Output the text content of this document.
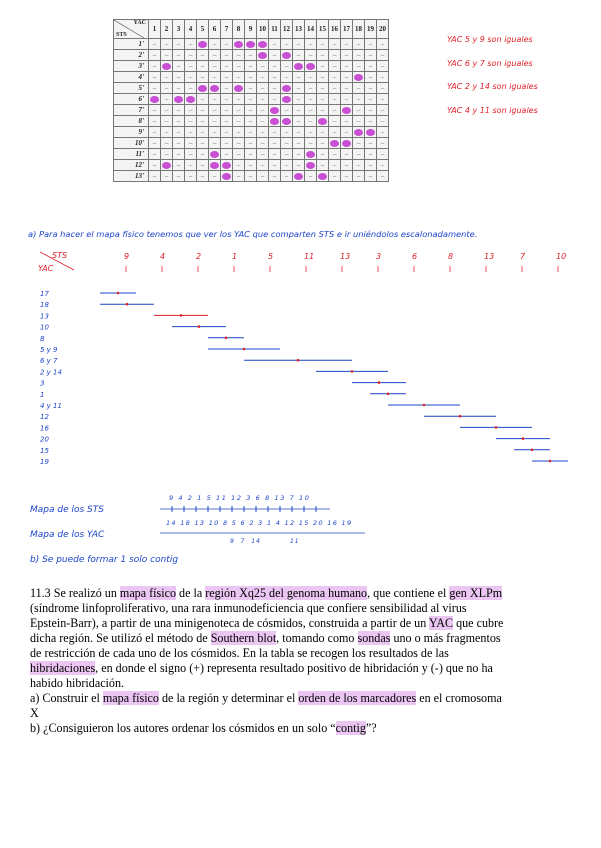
YAC
STS	1	2	3	4	5	6	7	8	9	10	11	12	13	14	15	16	17	18	19	20
1'	–	–	–	–		–	–				–	–	–	–	–	–	–	–	–	–
2'	–	–	–	–	–	–	–	–	–		–		–	–	–	–	–	–	–	–
3'	–		–	–	–	–	–	–	–	–	–	–			–	–	–	–	–	–
4'	–	–	–	–	–	–	–	–	–	–	–	–	–	–	–	–	–		–	–
5'	–	–	–	–			–		–	–	–		–	–	–	–	–	–	–	–
6'		–			–	–	–	–	–	–	–		–	–	–	–	–	–	–	–
7'	–	–	–	–	–	–	–	–	–	–		–	–	–	–	–		–	–	–
8'	–	–	–	–	–	–	–	–	–	–			–	–		–	–	–	–	–
9'	–	–	–	–	–	–	–	–	–	–	–	–	–	–	–	–	–			–
10'	–	–	–	–	–	–	–	–	–	–	–	–	–	–	–			–	–	–
11'	–	–	–	–	–		–	–	–	–	–	–	–		–	–	–	–	–	–
12'	–		–	–	–			–	–	–	–	–	–		–	–	–	–	–	–
13'	–	–	–	–	–	–		–	–	–	–	–		–		–	–	–	–	–
YAC 5 y 9 son iguales
YAC 6 y 7 son iguales
YAC 2 y 14 son iguales
YAC 4 y 11 son iguales
a) Para hacer el mapa físico tenemos que ver los YAC que comparten STS e ir uniéndolos escalonadamente.
STS
YAC
9	4	2	1	5	11	13	3	6	8	13	7	10
17
18
13
10
8
5 y 9
6 y 7
2 y 14
3
1
4 y 11
12
16
20
15
19
Mapa de los STS
Mapa de los YAC
9 4 2 1 5 11 12 3 6 8 13 7 10
14 18 13 10 8 5 6 2 3 1 4 12 15 20 16 19
9  7  14          11
b) Se puede formar 1 solo contig
11.3 Se realizó un mapa físico de la región Xq25 del genoma humano, que contiene el gen XLPm
(síndrome linfoproliferativo, una rara inmunodeficiencia que confiere sensibilidad al virus
Epstein-Barr), a partir de una minigenoteca de cósmidos, construida a partir de un YAC que cubre
dicha región. Se utilizó el método de Southern blot, tomando como sondas uno o más fragmentos
de restricción de cada uno de los cósmidos. En la tabla se recogen los resultados de las
hibridaciones, en donde el signo (+) representa resultado positivo de hibridación y (-) que no ha
habido hibridación.
a) Construir el mapa físico de la región y determinar el orden de los marcadores en el cromosoma
X
b) ¿Consiguieron los autores ordenar los cósmidos en un solo “contig”?
